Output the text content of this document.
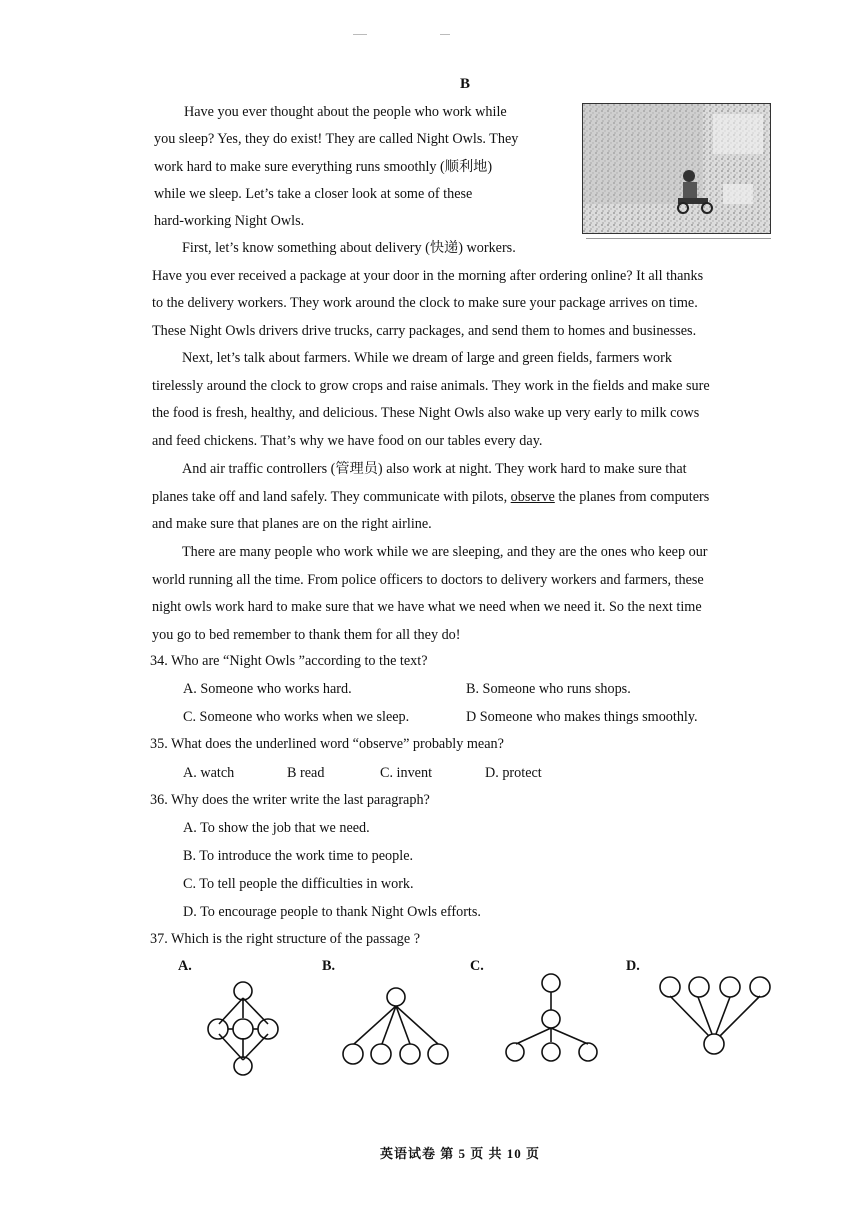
B
Have you ever thought about the people who work while
you sleep? Yes, they do exist! They are called Night Owls. They
work hard to make sure everything runs smoothly (顺利地)
while we sleep. Let’s take a closer look at some of these
hard-working Night Owls.
First, let’s know something about delivery (快递) workers.
Have you ever received a package at your door in the morning after ordering online? It all thanks
to the delivery workers. They work around the clock to make sure your package arrives on time.
These Night Owls drivers drive trucks, carry packages, and send them to homes and businesses.
Next, let’s talk about farmers. While we dream of large and green fields, farmers work
tirelessly around the clock to grow crops and raise animals. They work in the fields and make sure
the food is fresh, healthy, and delicious. These Night Owls also wake up very early to milk cows
and feed chickens. That’s why we have food on our tables every day.
And air traffic controllers (管理员) also work at night. They work hard to make sure that
planes take off and land safely. They communicate with pilots, observe the planes from computers
and make sure that planes are on the right airline.
There are many people who work while we are sleeping, and they are the ones who keep our
world running all the time. From police officers to doctors to delivery workers and farmers, these
night owls work hard to make sure that we have what we need when we need it. So the next time
you go to bed remember to thank them for all they do!
34. Who are “Night Owls ”according to the text?
A. Someone who works hard.	B. Someone who runs shops.
C. Someone who works when we sleep.	D Someone who makes things smoothly.
35. What does the underlined word “observe” probably mean?
A. watch	B read	C. invent	D. protect
36. Why does the writer write the last paragraph?
A. To show the job that we need.
B. To introduce the work time to people.
C. To tell people the difficulties in work.
D. To encourage people to thank Night Owls efforts.
37. Which is the right structure of the passage ?
A.	B.	C.	D.
英语试卷 第 5 页 共 10 页
